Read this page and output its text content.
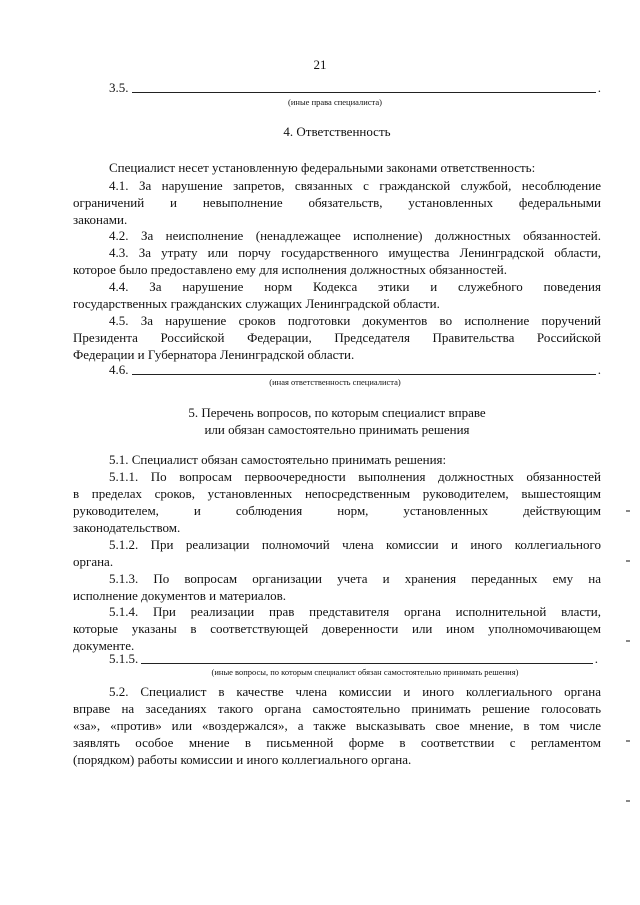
21
3.5.	.
(иные права специалиста)
4. Ответственность
Специалист несет установленную федеральными законами ответственность:
4.1. За нарушение запретов, связанных с гражданской службой, несоблюдение
ограничений и невыполнение обязательств, установленных федеральными
законами.
4.2. За неисполнение (ненадлежащее исполнение) должностных обязанностей.
4.3. За утрату или порчу государственного имущества Ленинградской области,
которое было предоставлено ему для исполнения должностных обязанностей.
4.4. За нарушение норм Кодекса этики и служебного поведения
государственных гражданских служащих Ленинградской области.
4.5. За нарушение сроков подготовки документов во исполнение поручений
Президента Российской Федерации, Председателя Правительства Российской
Федерации и Губернатора Ленинградской области.
4.6.	.
(иная ответственность специалиста)
5. Перечень вопросов, по которым специалист вправе
или обязан самостоятельно принимать решения
5.1. Специалист обязан самостоятельно принимать решения:
5.1.1. По вопросам первоочередности выполнения должностных обязанностей
в пределах сроков, установленных непосредственным руководителем, вышестоящим
руководителем, и соблюдения норм, установленных действующим
законодательством.
5.1.2. При реализации полномочий члена комиссии и иного коллегиального
органа.
5.1.3. По вопросам организации учета и хранения переданных ему на
исполнение документов и материалов.
5.1.4. При реализации прав представителя органа исполнительной власти,
которые указаны в соответствующей доверенности или ином уполномочивающем
документе.
5.1.5.	.
(иные вопросы, по которым специалист обязан самостоятельно принимать решения)
5.2. Специалист в качестве члена комиссии и иного коллегиального органа
вправе на заседаниях такого органа самостоятельно принимать решение голосовать
«за», «против» или «воздержался», а также высказывать свое мнение, в том числе
заявлять особое мнение в письменной форме в соответствии с регламентом
(порядком) работы комиссии и иного коллегиального органа.
